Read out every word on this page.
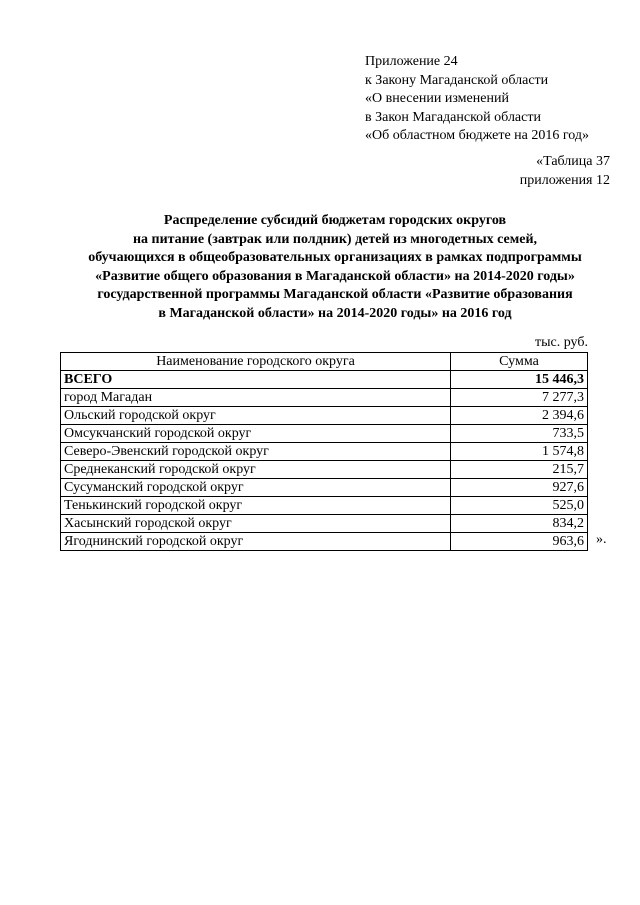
Приложение 24
к Закону Магаданской области
«О внесении изменений
в Закон Магаданской области
«Об областном бюджете на 2016 год»
«Таблица 37
приложения 12
Распределение субсидий бюджетам городских округов
на питание (завтрак или полдник) детей из многодетных семей,
обучающихся в общеобразовательных организациях в рамках подпрограммы
«Развитие общего образования в Магаданской области» на 2014-2020 годы»
государственной программы Магаданской области «Развитие образования
в Магаданской области» на 2014-2020 годы» на 2016 год
тыс. руб.
Наименование городского округа	Сумма
ВСЕГО	15 446,3
город Магадан	7 277,3
Ольский городской округ	2 394,6
Омсукчанский городской округ	733,5
Северо-Эвенский городской округ	1 574,8
Среднеканский городской округ	215,7
Сусуманский городской округ	927,6
Тенькинский городской округ	525,0
Хасынский городской округ	834,2
Ягоднинский городской округ	963,6 ».
